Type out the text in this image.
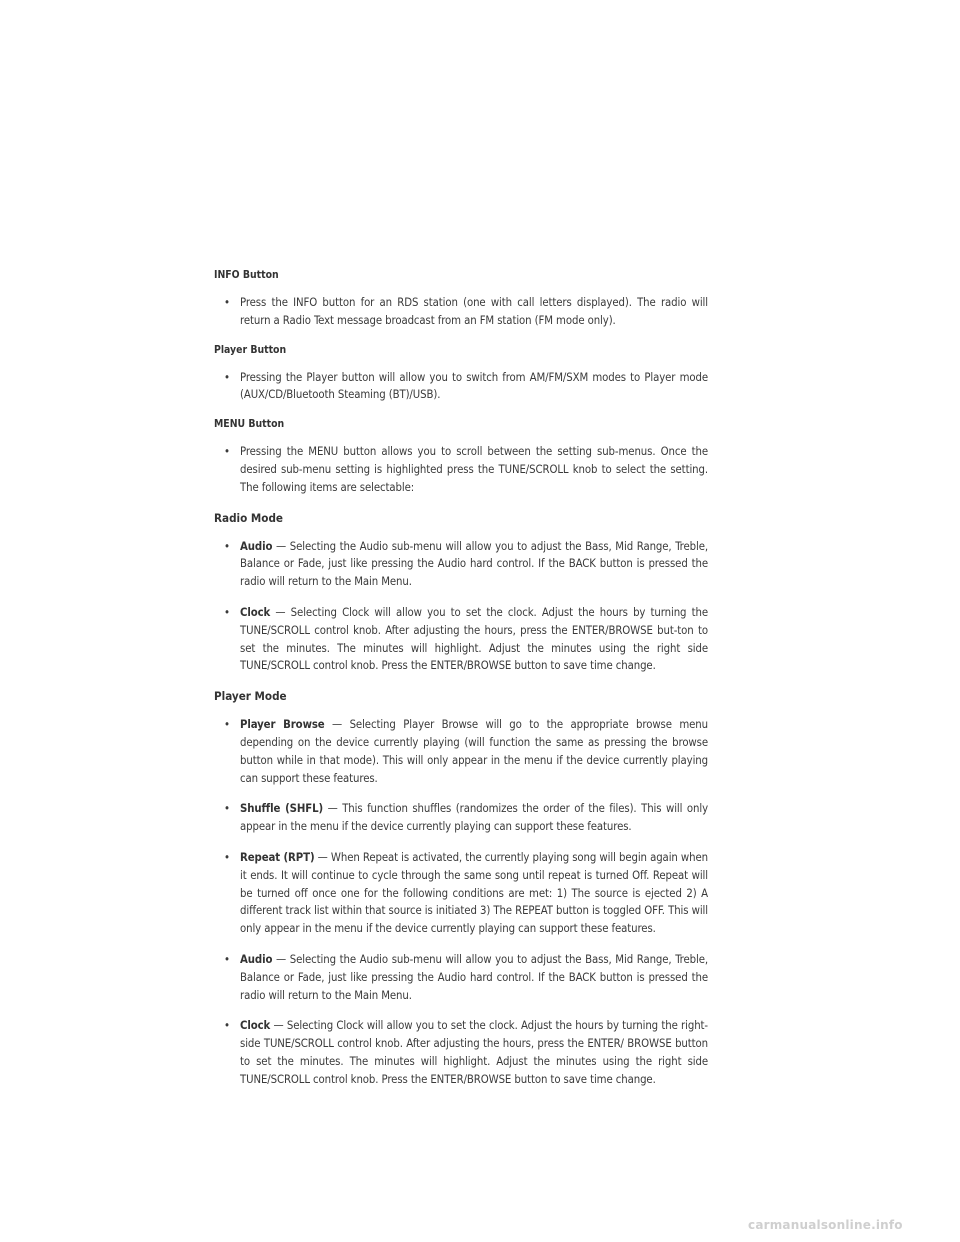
INFO Button
• Press the INFO button for an RDS station (one with call letters displayed). The radio will return a Radio Text message broadcast from an FM station (FM mode only).
Player Button
• Pressing the Player button will allow you to switch from AM/FM/SXM modes to Player mode (AUX/CD/Bluetooth Steaming (BT)/USB).
MENU Button
• Pressing the MENU button allows you to scroll between the setting sub-menus. Once the desired sub-menu setting is highlighted press the TUNE/SCROLL knob to select the setting. The following items are selectable:
Radio Mode
• Audio — Selecting the Audio sub-menu will allow you to adjust the Bass, Mid Range, Treble, Balance or Fade, just like pressing the Audio hard control. If the BACK button is pressed the radio will return to the Main Menu.
• Clock — Selecting Clock will allow you to set the clock. Adjust the hours by turning the TUNE/SCROLL control knob. After adjusting the hours, press the ENTER/BROWSE but-ton to set the minutes. The minutes will highlight. Adjust the minutes using the right side TUNE/SCROLL control knob. Press the ENTER/BROWSE button to save time change.
Player Mode
• Player Browse — Selecting Player Browse will go to the appropriate browse menu depending on the device currently playing (will function the same as pressing the browse button while in that mode). This will only appear in the menu if the device currently playing can support these features.
• Shuffle (SHFL) — This function shuffles (randomizes the order of the files). This will only appear in the menu if the device currently playing can support these features.
• Repeat (RPT) — When Repeat is activated, the currently playing song will begin again when it ends. It will continue to cycle through the same song until repeat is turned Off. Repeat will be turned off once one for the following conditions are met: 1) The source is ejected 2) A different track list within that source is initiated 3) The REPEAT button is toggled OFF. This will only appear in the menu if the device currently playing can support these features.
• Audio — Selecting the Audio sub-menu will allow you to adjust the Bass, Mid Range, Treble, Balance or Fade, just like pressing the Audio hard control. If the BACK button is pressed the radio will return to the Main Menu.
• Clock — Selecting Clock will allow you to set the clock. Adjust the hours by turning the right-side TUNE/SCROLL control knob. After adjusting the hours, press the ENTER/ BROWSE button to set the minutes. The minutes will highlight. Adjust the minutes using the right side TUNE/SCROLL control knob. Press the ENTER/BROWSE button to save time change.
carmanualsonline.info
